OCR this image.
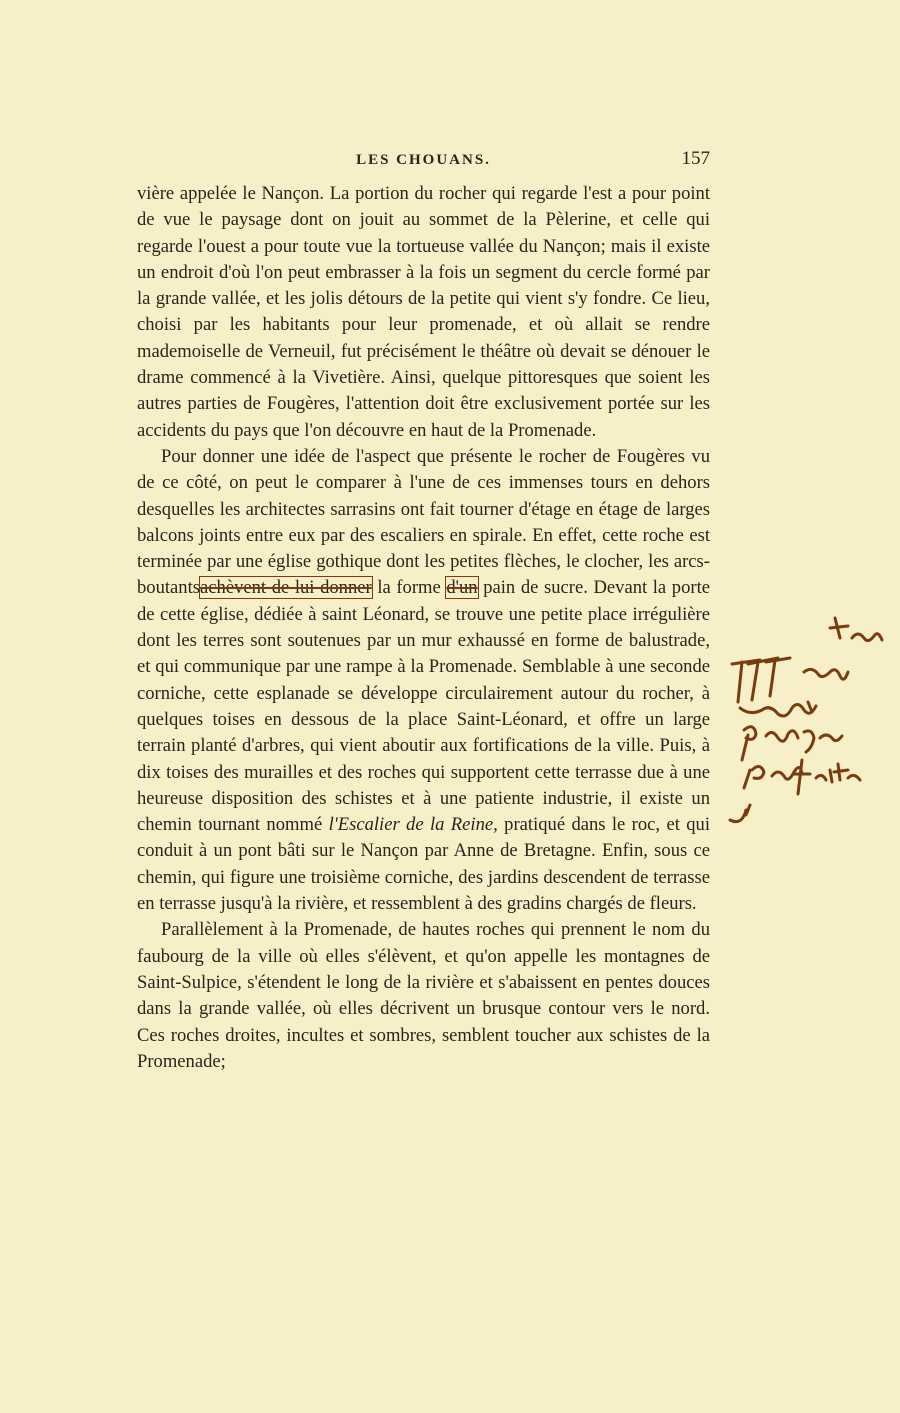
LES CHOUANS.	157

vière appelée le Nançon. La portion du rocher qui regarde l'est a pour point de vue le paysage dont on jouit au sommet de la Pèlerine, et celle qui regarde l'ouest a pour toute vue la tortueuse vallée du Nançon; mais il existe un endroit d'où l'on peut embrasser à la fois un segment du cercle formé par la grande vallée, et les jolis détours de la petite qui vient s'y fondre. Ce lieu, choisi par les habitants pour leur promenade, et où allait se rendre mademoiselle de Verneuil, fut précisément le théâtre où devait se dénouer le drame commencé à la Vivetière. Ainsi, quelque pittoresques que soient les autres parties de Fougères, l'attention doit être exclusivement portée sur les accidents du pays que l'on découvre en haut de la Promenade.

Pour donner une idée de l'aspect que présente le rocher de Fougères vu de ce côté, on peut le comparer à l'une de ces immenses tours en dehors desquelles les architectes sarrasins ont fait tourner d'étage en étage de larges balcons joints entre eux par des escaliers en spirale. En effet, cette roche est terminée par une église gothique dont les petites flèches, le clocher, les arcs-boutantsachèvent de lui donner la forme d'un pain de sucre. Devant la porte de cette église, dédiée à saint Léonard, se trouve une petite place irrégulière dont les terres sont soutenues par un mur exhaussé en forme de balustrade, et qui communique par une rampe à la Promenade. Semblable à une seconde corniche, cette esplanade se développe circulairement autour du rocher, à quelques toises en dessous de la place Saint-Léonard, et offre un large terrain planté d'arbres, qui vient aboutir aux fortifications de la ville. Puis, à dix toises des murailles et des roches qui supportent cette terrasse due à une heureuse disposition des schistes et à une patiente industrie, il existe un chemin tournant nommé l'Escalier de la Reine, pratiqué dans le roc, et qui conduit à un pont bâti sur le Nançon par Anne de Bretagne. Enfin, sous ce chemin, qui figure une troisième corniche, des jardins descendent de terrasse en terrasse jusqu'à la rivière, et ressemblent à des gradins chargés de fleurs.

Parallèlement à la Promenade, de hautes roches qui prennent le nom du faubourg de la ville où elles s'élèvent, et qu'on appelle les montagnes de Saint-Sulpice, s'étendent le long de la rivière et s'abaissent en pentes douces dans la grande vallée, où elles décrivent un brusque contour vers le nord. Ces roches droites, incultes et sombres, semblent toucher aux schistes de la Promenade;
